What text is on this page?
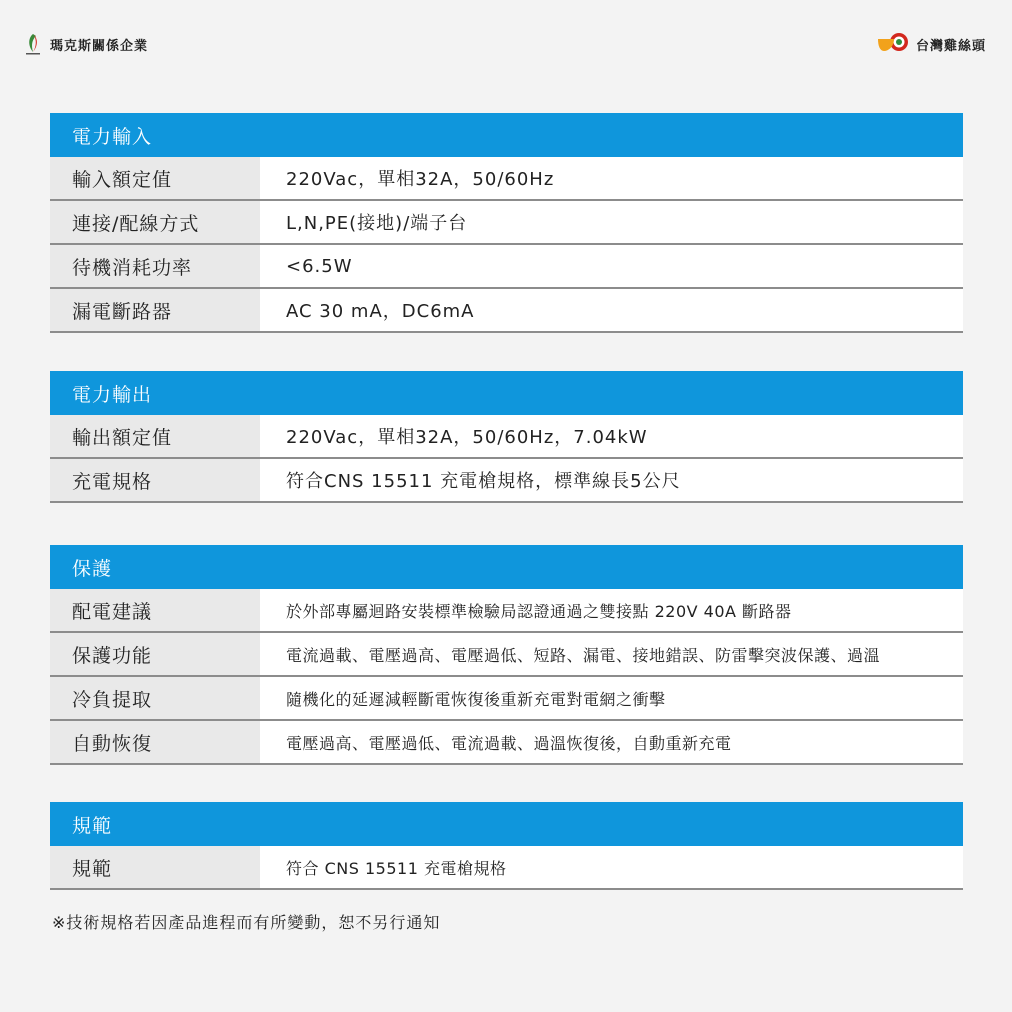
瑪克斯關係企業	台灣雞絲頭
電力輸入
輸入額定值	220Vac，單相32A，50/60Hz
連接/配線方式	L,N,PE(接地)/端子台
待機消耗功率	<6.5W
漏電斷路器	AC 30 mA，DC6mA
電力輸出
輸出額定值	220Vac，單相32A，50/60Hz，7.04kW
充電規格	符合CNS 15511 充電槍規格，標準線長5公尺
保護
配電建議	於外部專屬迴路安裝標準檢驗局認證通過之雙接點 220V 40A 斷路器
保護功能	電流過載、電壓過高、電壓過低、短路、漏電、接地錯誤、防雷擊突波保護、過溫
冷負提取	隨機化的延遲減輕斷電恢復後重新充電對電網之衝擊
自動恢復	電壓過高、電壓過低、電流過載、過溫恢復後，自動重新充電
規範
規範	符合 CNS 15511 充電槍規格
※技術規格若因產品進程而有所變動，恕不另行通知
